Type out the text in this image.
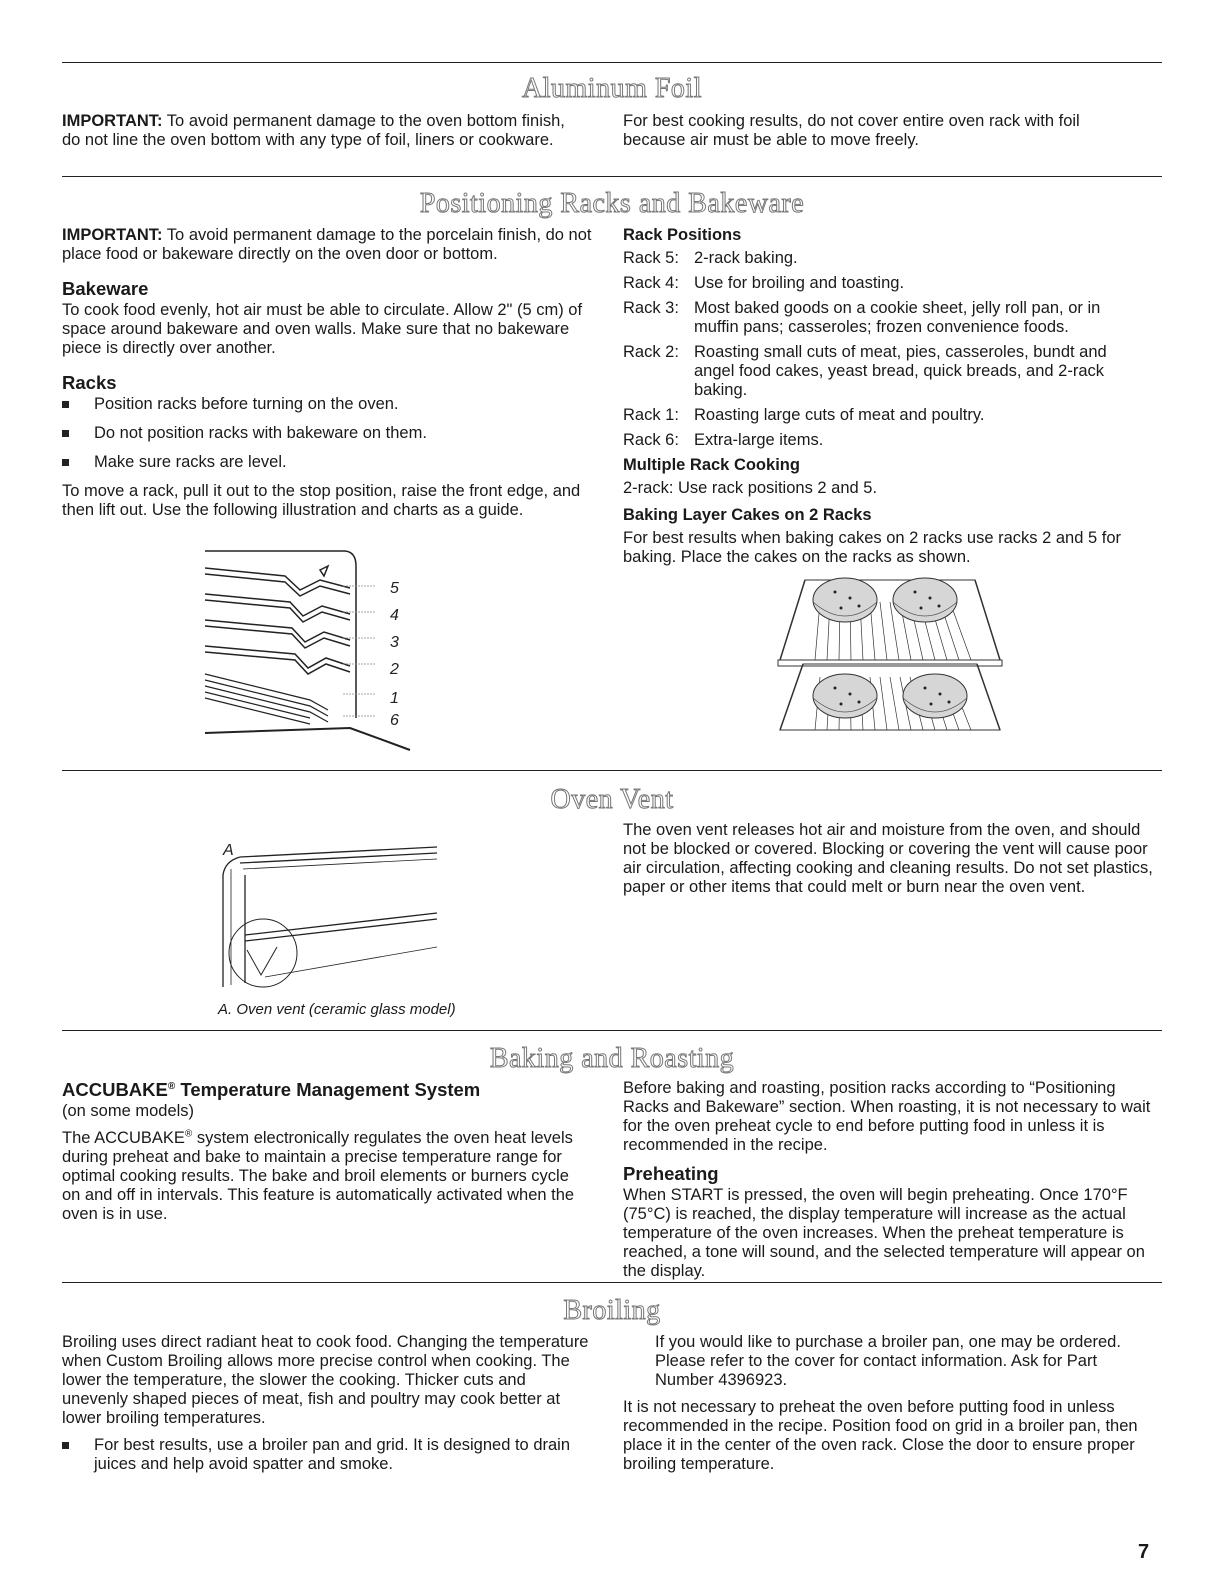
Aluminum Foil

IMPORTANT: To avoid permanent damage to the oven bottom finish, do not line the oven bottom with any type of foil, liners or cookware.

For best cooking results, do not cover entire oven rack with foil because air must be able to move freely.

Positioning Racks and Bakeware

IMPORTANT: To avoid permanent damage to the porcelain finish, do not place food or bakeware directly on the oven door or bottom.

Bakeware

To cook food evenly, hot air must be able to circulate. Allow 2" (5 cm) of space around bakeware and oven walls. Make sure that no bakeware piece is directly over another.

Racks
Position racks before turning on the oven.
Do not position racks with bakeware on them.
Make sure racks are level.

To move a rack, pull it out to the stop position, raise the front edge, and then lift out. Use the following illustration and charts as a guide.

5
4
3
2
1
6
Rack Positions
Rack 5: 2-rack baking.
Rack 4: Use for broiling and toasting.
Rack 3: Most baked goods on a cookie sheet, jelly roll pan, or in muffin pans; casseroles; frozen convenience foods.
Rack 2: Roasting small cuts of meat, pies, casseroles, bundt and angel food cakes, yeast bread, quick breads, and 2-rack baking.
Rack 1: Roasting large cuts of meat and poultry.
Rack 6: Extra-large items.
Multiple Rack Cooking

2-rack: Use rack positions 2 and 5.

Baking Layer Cakes on 2 Racks

For best results when baking cakes on 2 racks use racks 2 and 5 for baking. Place the cakes on the racks as shown.

Oven Vent
A
A. Oven vent (ceramic glass model)

The oven vent releases hot air and moisture from the oven, and should not be blocked or covered. Blocking or covering the vent will cause poor air circulation, affecting cooking and cleaning results. Do not set plastics, paper or other items that could melt or burn near the oven vent.

Baking and Roasting
ACCUBAKE® Temperature Management System

(on some models)

The ACCUBAKE® system electronically regulates the oven heat levels during preheat and bake to maintain a precise temperature range for optimal cooking results. The bake and broil elements or burners cycle on and off in intervals. This feature is automatically activated when the oven is in use.

Before baking and roasting, position racks according to “Positioning Racks and Bakeware” section. When roasting, it is not necessary to wait for the oven preheat cycle to end before putting food in unless it is recommended in the recipe.

Preheating

When START is pressed, the oven will begin preheating. Once 170°F (75°C) is reached, the display temperature will increase as the actual temperature of the oven increases. When the preheat temperature is reached, a tone will sound, and the selected temperature will appear on the display.

Broiling

Broiling uses direct radiant heat to cook food. Changing the temperature when Custom Broiling allows more precise control when cooking. The lower the temperature, the slower the cooking. Thicker cuts and unevenly shaped pieces of meat, fish and poultry may cook better at lower broiling temperatures.

For best results, use a broiler pan and grid. It is designed to drain juices and help avoid spatter and smoke.

If you would like to purchase a broiler pan, one may be ordered. Please refer to the cover for contact information. Ask for Part Number 4396923.

It is not necessary to preheat the oven before putting food in unless recommended in the recipe. Position food on grid in a broiler pan, then place it in the center of the oven rack. Close the door to ensure proper broiling temperature.

7
